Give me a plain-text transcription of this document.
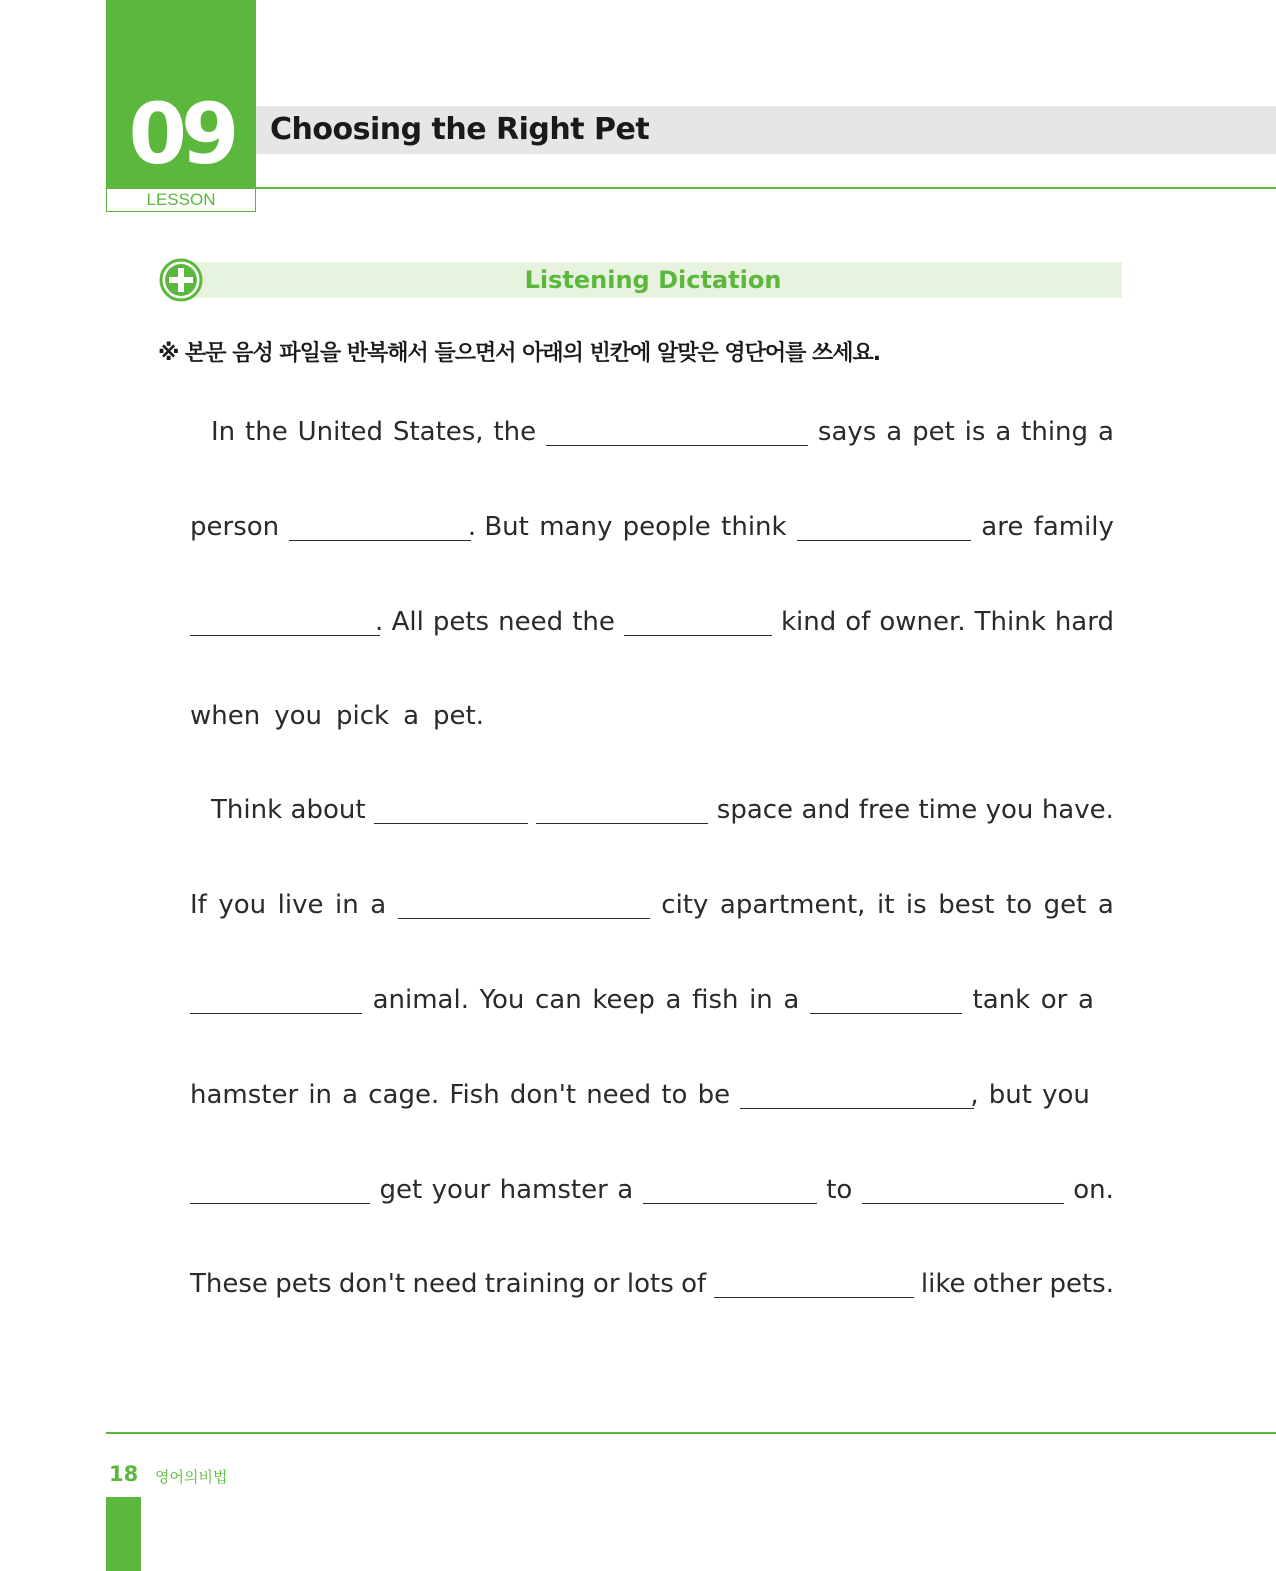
09
LESSON
Choosing the Right Pet
Listening Dictation
※ 본문 음성 파일을 반복해서 들으면서 아래의 빈칸에 알맞은 영단어를 쓰세요.
In the United States, the	says a pet is a thing a
person	. But many people think	are family
. All pets need the	kind of owner. Think hard
when you pick a pet.
Think about	space and free time you have.
If you live in a	city apartment, it is best to get a
animal. You can keep a fish in a	tank or a
hamster in a cage. Fish don't need to be	, but you
get your hamster a	to	on.
These pets don't need training or lots of	like other pets.
18 영어의비법
